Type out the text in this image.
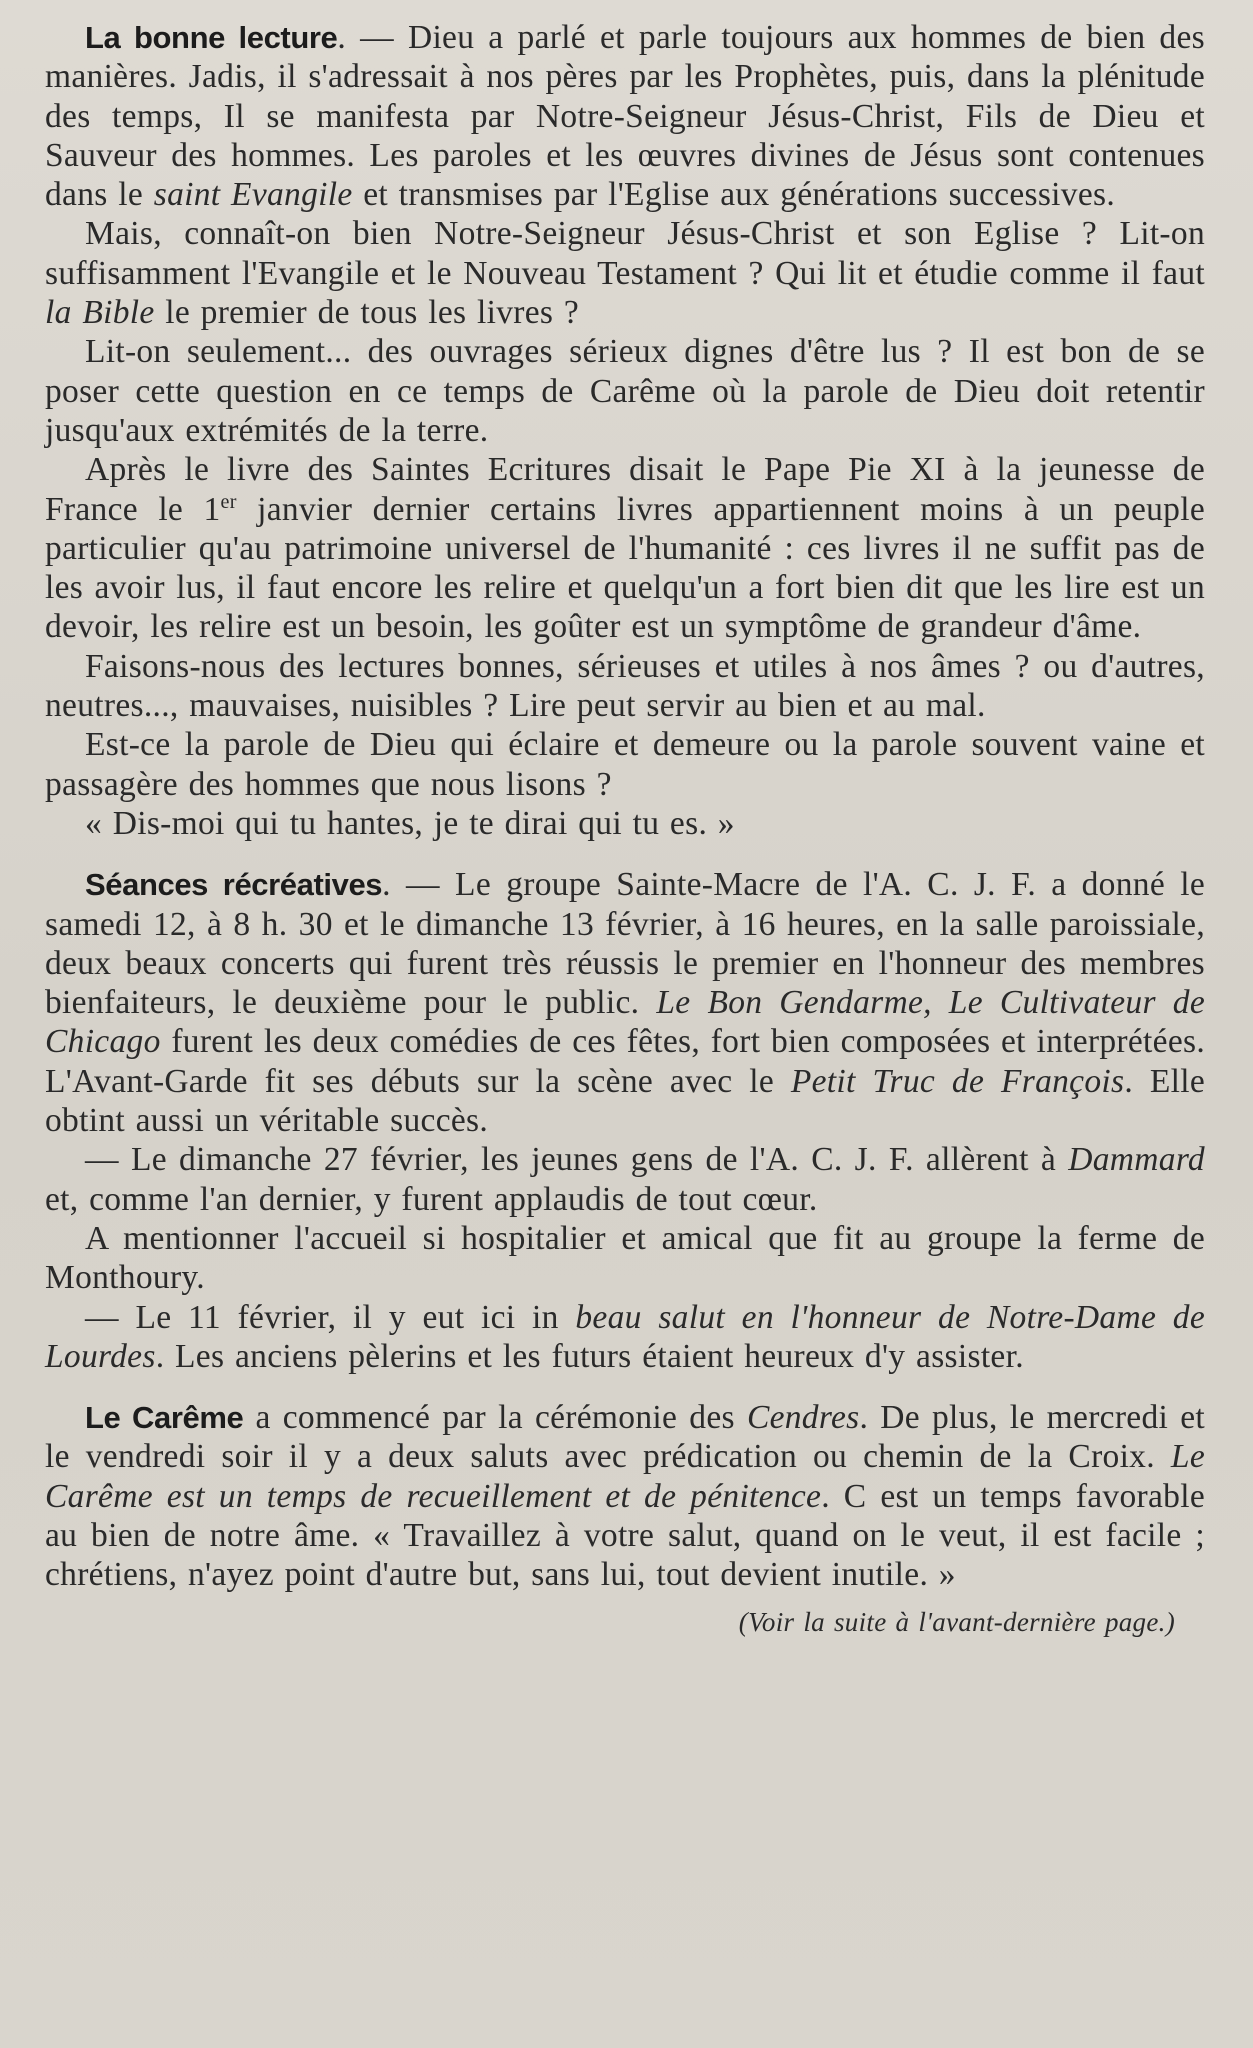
La bonne lecture. — Dieu a parlé et parle toujours aux hommes de bien des manières. Jadis, il s'adressait à nos pères par les Prophètes, puis, dans la plénitude des temps, Il se manifesta par Notre-Seigneur Jésus-Christ, Fils de Dieu et Sauveur des hommes. Les paroles et les œuvres divines de Jésus sont contenues dans le saint Evangile et transmises par l'Eglise aux générations successives.

Mais, connaît-on bien Notre-Seigneur Jésus-Christ et son Eglise ? Lit-on suffisamment l'Evangile et le Nouveau Testament ? Qui lit et étudie comme il faut la Bible le premier de tous les livres ?

Lit-on seulement... des ouvrages sérieux dignes d'être lus ? Il est bon de se poser cette question en ce temps de Carême où la parole de Dieu doit retentir jusqu'aux extrémités de la terre.

Après le livre des Saintes Ecritures disait le Pape Pie XI à la jeunesse de France le 1er janvier dernier certains livres appartiennent moins à un peuple particulier qu'au patrimoine universel de l'humanité : ces livres il ne suffit pas de les avoir lus, il faut encore les relire et quelqu'un a fort bien dit que les lire est un devoir, les relire est un besoin, les goûter est un symptôme de grandeur d'âme.

Faisons-nous des lectures bonnes, sérieuses et utiles à nos âmes ? ou d'autres, neutres..., mauvaises, nuisibles ? Lire peut servir au bien et au mal.

Est-ce la parole de Dieu qui éclaire et demeure ou la parole souvent vaine et passagère des hommes que nous lisons ?

« Dis-moi qui tu hantes, je te dirai qui tu es. »

Séances récréatives. — Le groupe Sainte-Macre de l'A. C. J. F. a donné le samedi 12, à 8 h. 30 et le dimanche 13 février, à 16 heures, en la salle paroissiale, deux beaux concerts qui furent très réussis le premier en l'honneur des membres bienfaiteurs, le deuxième pour le public. Le Bon Gendarme, Le Cultivateur de Chicago furent les deux comédies de ces fêtes, fort bien composées et interprétées. L'Avant-Garde fit ses débuts sur la scène avec le Petit Truc de François. Elle obtint aussi un véritable succès.

— Le dimanche 27 février, les jeunes gens de l'A. C. J. F. allèrent à Dammard et, comme l'an dernier, y furent applaudis de tout cœur.

A mentionner l'accueil si hospitalier et amical que fit au groupe la ferme de Monthoury.

— Le 11 février, il y eut ici in beau salut en l'honneur de Notre-Dame de Lourdes. Les anciens pèlerins et les futurs étaient heureux d'y assister.

Le Carême a commencé par la cérémonie des Cendres. De plus, le mercredi et le vendredi soir il y a deux saluts avec prédication ou chemin de la Croix. Le Carême est un temps de recueillement et de pénitence. C est un temps favorable au bien de notre âme. « Travaillez à votre salut, quand on le veut, il est facile ; chrétiens, n'ayez point d'autre but, sans lui, tout devient inutile. »

(Voir la suite à l'avant-dernière page.)
